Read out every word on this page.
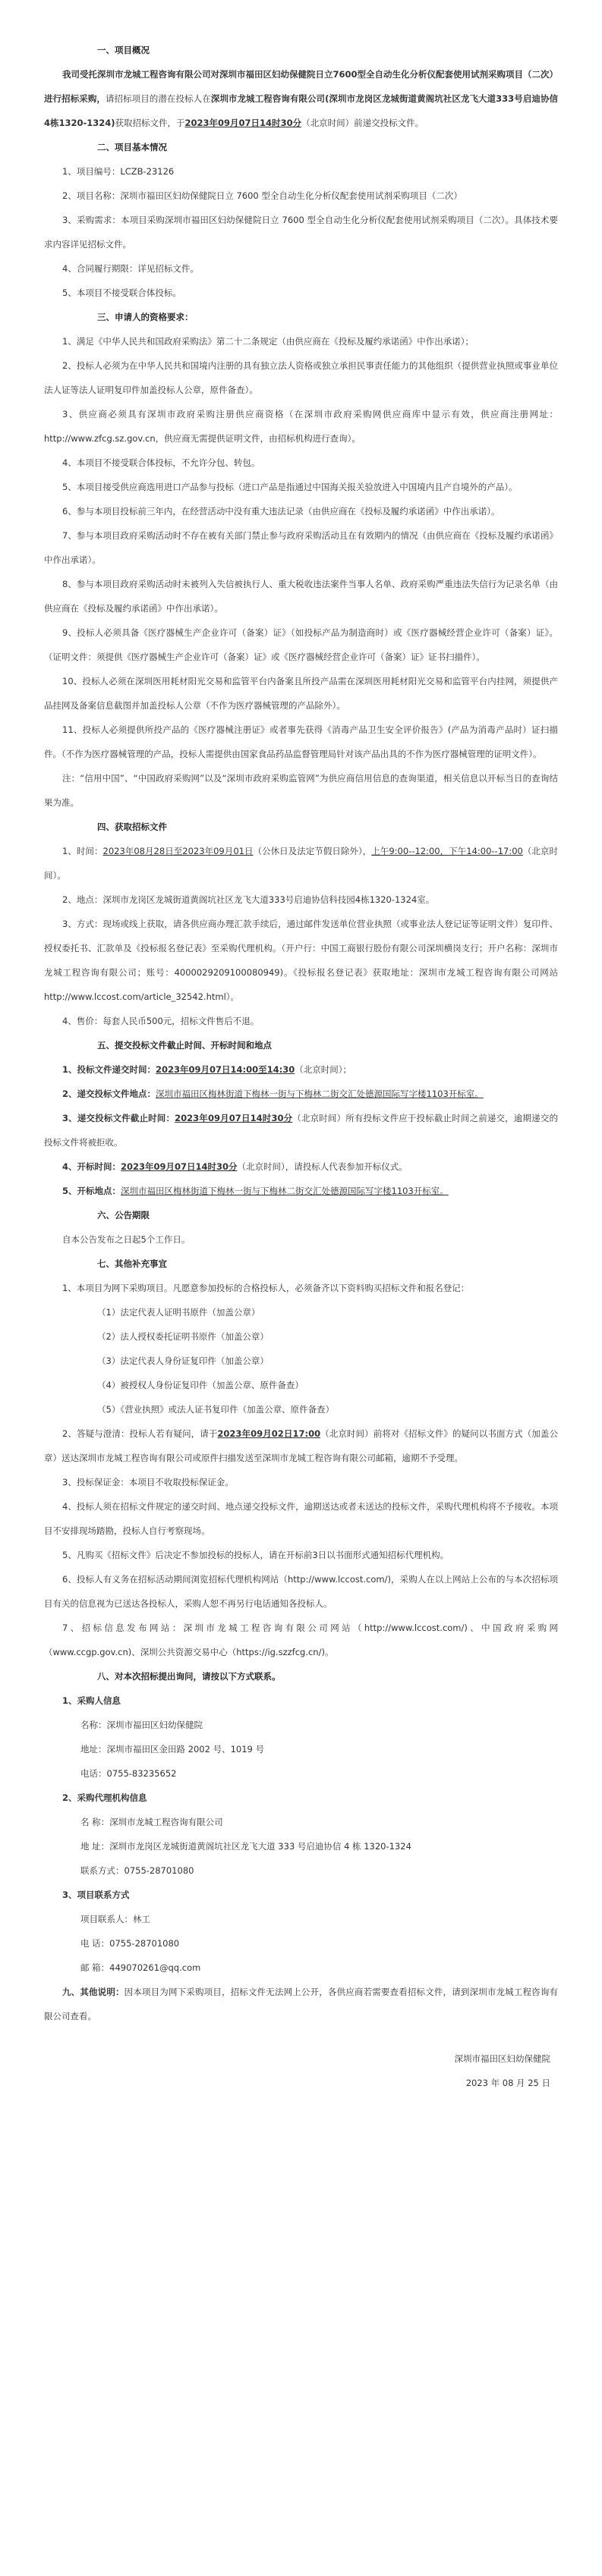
一、项目概况
我司受托深圳市龙城工程咨询有限公司对深圳市福田区妇幼保健院日立7600型全自动生化分析仪配套使用试剂采购项目（二次）进行招标采购，请招标项目的潜在投标人在深圳市龙城工程咨询有限公司(深圳市龙岗区龙城街道黄阁坑社区龙飞大道333号启迪协信4栋1320-1324)获取招标文件，于2023年09月07日14时30分（北京时间）前递交投标文件。
二、项目基本情况
1、项目编号：LCZB-23126
2、项目名称：深圳市福田区妇幼保健院日立 7600 型全自动生化分析仪配套使用试剂采购项目（二次）
3、采购需求：本项目采购深圳市福田区妇幼保健院日立 7600 型全自动生化分析仪配套使用试剂采购项目（二次）。具体技术要求内容详见招标文件。
4、合同履行期限：详见招标文件。
5、本项目不接受联合体投标。
三、申请人的资格要求：
1、满足《中华人民共和国政府采购法》第二十二条规定（由供应商在《投标及履约承诺函》中作出承诺）；
2、投标人必须为在中华人民共和国境内注册的具有独立法人资格或独立承担民事责任能力的其他组织（提供营业执照或事业单位法人证等法人证明复印件加盖投标人公章，原件备查）。
3、供应商必须具有深圳市政府采购注册供应商资格（在深圳市政府采购网供应商库中显示有效，供应商注册网址：http://www.zfcg.sz.gov.cn，供应商无需提供证明文件，由招标机构进行查询）。
4、本项目不接受联合体投标，不允许分包、转包。
5、本项目接受供应商选用进口产品参与投标（进口产品是指通过中国海关报关验放进入中国境内且产自境外的产品）。
6、参与本项目投标前三年内，在经营活动中没有重大违法记录（由供应商在《投标及履约承诺函》中作出承诺）。
7、参与本项目政府采购活动时不存在被有关部门禁止参与政府采购活动且在有效期内的情况（由供应商在《投标及履约承诺函》中作出承诺）。
8、参与本项目政府采购活动时未被列入失信被执行人、重大税收违法案件当事人名单、政府采购严重违法失信行为记录名单（由供应商在《投标及履约承诺函》中作出承诺）。
9、投标人必须具备《医疗器械生产企业许可（备案）证》（如投标产品为制造商时）或《医疗器械经营企业许可（备案）证》。（证明文件：须提供《医疗器械生产企业许可（备案）证》或《医疗器械经营企业许可（备案）证》证书扫描件）。
10、投标人必须在深圳医用耗材阳光交易和监管平台内备案且所投产品需在深圳医用耗材阳光交易和监管平台内挂网，须提供产品挂网及备案信息截图并加盖投标人公章（不作为医疗器械管理的产品除外）。
11、投标人必须提供所投产品的《医疗器械注册证》或者事先获得《消毒产品卫生安全评价报告》(产品为消毒产品时）证扫描件。（不作为医疗器械管理的产品，投标人需提供由国家食品药品监督管理局针对该产品出具的不作为医疗器械管理的证明文件）。
注：“信用中国”、“中国政府采购网”以及“深圳市政府采购监管网”为供应商信用信息的查询渠道，相关信息以开标当日的查询结果为准。
四、获取招标文件
1、时间：2023年08月28日至2023年09月01日（公休日及法定节假日除外），上午9:00--12:00，下午14:00--17:00（北京时间）。
2、地点：深圳市龙岗区龙城街道黄阁坑社区龙飞大道333号启迪协信科技园4栋1320-1324室。
3、方式：现场或线上获取，请各供应商办理汇款手续后，通过邮件发送单位营业执照（或事业法人登记证等证明文件）复印件、授权委托书、汇款单及《投标报名登记表》至采购代理机构。（开户行：中国工商银行股份有限公司深圳横岗支行；开户名称：深圳市龙城工程咨询有限公司；账号：4000029209100080949)。《投标报名登记表》获取地址：深圳市龙城工程咨询有限公司网站 http://www.lccost.com/article_32542.html）。
4、售价：每套人民币500元，招标文件售后不退。
五、提交投标文件截止时间、开标时间和地点
1、投标文件递交时间：2023年09月07日14:00至14:30（北京时间）；
2、递交投标文件地点：深圳市福田区梅林街道下梅林一街与下梅林二街交汇处德源国际写字楼1103开标室。
3、递交投标文件截止时间：2023年09月07日14时30分（北京时间）所有投标文件应于投标截止时间之前递交，逾期递交的投标文件将被拒收。
4、开标时间：2023年09月07日14时30分（北京时间），请投标人代表参加开标仪式。
5、开标地点：深圳市福田区梅林街道下梅林一街与下梅林二街交汇处德源国际写字楼1103开标室。
六、公告期限
自本公告发布之日起5个工作日。
七、其他补充事宜
1、本项目为网下采购项目。凡愿意参加投标的合格投标人，必须备齐以下资料购买招标文件和报名登记：
（1）法定代表人证明书原件（加盖公章）
（2）法人授权委托证明书原件（加盖公章）
（3）法定代表人身份证复印件（加盖公章）
（4）被授权人身份证复印件（加盖公章、原件备查）
（5）《营业执照》或法人证书复印件（加盖公章、原件备查）
2、答疑与澄清：投标人若有疑问，请于2023年09月02日17:00（北京时间）前将对《招标文件》的疑问以书面方式（加盖公章）送达深圳市龙城工程咨询有限公司或原件扫描发送至深圳市龙城工程咨询有限公司邮箱，逾期不予受理。
3、投标保证金：本项目不收取投标保证金。
4、投标人须在招标文件规定的递交时间、地点递交投标文件，逾期送达或者未送达的投标文件，采购代理机构将不予接收。本项目不安排现场踏勘，投标人自行考察现场。
5、凡购买《招标文件》后决定不参加投标的投标人，请在开标前3日以书面形式通知招标代理机构。
6、投标人有义务在招标活动期间浏览招标代理机构网站（http://www.lccost.com/)，采购人在以上网站上公布的与本次招标项目有关的信息视为已送达各投标人，采购人恕不再另行电话通知各投标人。
7、招标信息发布网站：深圳市龙城工程咨询有限公司网站（http://www.lccost.com/)、中国政府采购网（www.ccgp.gov.cn)、深圳公共资源交易中心（https://ig.szzfcg.cn/)。
八、对本次招标提出询问，请按以下方式联系。
1、采购人信息
名称：深圳市福田区妇幼保健院
地址：深圳市福田区金田路 2002 号、1019 号
电话：0755-83235652
2、采购代理机构信息
名 称：深圳市龙城工程咨询有限公司
地 址：深圳市龙岗区龙城街道黄阁坑社区龙飞大道 333 号启迪协信 4 栋 1320-1324
联系方式：0755-28701080
3、项目联系方式
项目联系人：林工
电 话：0755-28701080
邮 箱：449070261@qq.com
九、其他说明：因本项目为网下采购项目，招标文件无法网上公开，各供应商若需要查看招标文件，请到深圳市龙城工程咨询有限公司查看。
深圳市福田区妇幼保健院
2023 年 08 月 25 日
